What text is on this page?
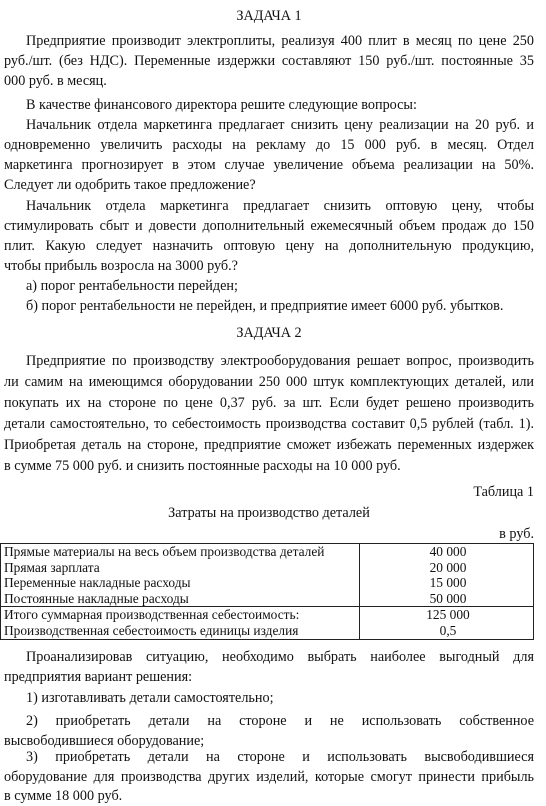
ЗАДАЧА 1
Предприятие производит электроплиты, реализуя 400 плит в месяц по цене 250
руб./шт. (без НДС). Переменные издержки составляют 150 руб./шт. постоянные 35
000 руб. в месяц.
В качестве финансового директора решите следующие вопросы:
Начальник отдела маркетинга предлагает снизить цену реализации на 20 руб. и
одновременно увеличить расходы на рекламу до 15 000 руб. в месяц. Отдел
маркетинга прогнозирует в этом случае увеличение объема реализации на 50%.
Следует ли одобрить такое предложение?
Начальник отдела маркетинга предлагает снизить оптовую цену, чтобы
стимулировать сбыт и довести дополнительный ежемесячный объем продаж до 150
плит. Какую следует назначить оптовую цену на дополнительную продукцию,
чтобы прибыль возросла на 3000 руб.?
а) порог рентабельности перейден;
б) порог рентабельности не перейден, и предприятие имеет 6000 руб. убытков.
ЗАДАЧА 2
Предприятие по производству электрооборудования решает вопрос, производить
ли самим на имеющимся оборудовании 250 000 штук комплектующих деталей, или
покупать их на стороне по цене 0,37 руб. за шт. Если будет решено производить
детали самостоятельно, то себестоимость производства составит 0,5 рублей (табл. 1).
Приобретая деталь на стороне, предприятие сможет избежать переменных издержек
в сумме 75 000 руб. и снизить постоянные расходы на 10 000 руб.
Таблица 1
Затраты на производство деталей
в руб.
Прямые материалы на весь объем производства деталей	40 000
Прямая зарплата	20 000
Переменные накладные расходы	15 000
Постоянные накладные расходы	50 000
Итого суммарная производственная себестоимость:	125 000
Производственная себестоимость единицы изделия	0,5
Проанализировав ситуацию, необходимо выбрать наиболее выгодный для
предприятия вариант решения:
1) изготавливать детали самостоятельно;
2) приобретать детали на стороне и не использовать собственное
высвободившиеся оборудование;
3) приобретать детали на стороне и использовать высвободившиеся
оборудование для производства других изделий, которые смогут принести прибыль
в сумме 18 000 руб.
